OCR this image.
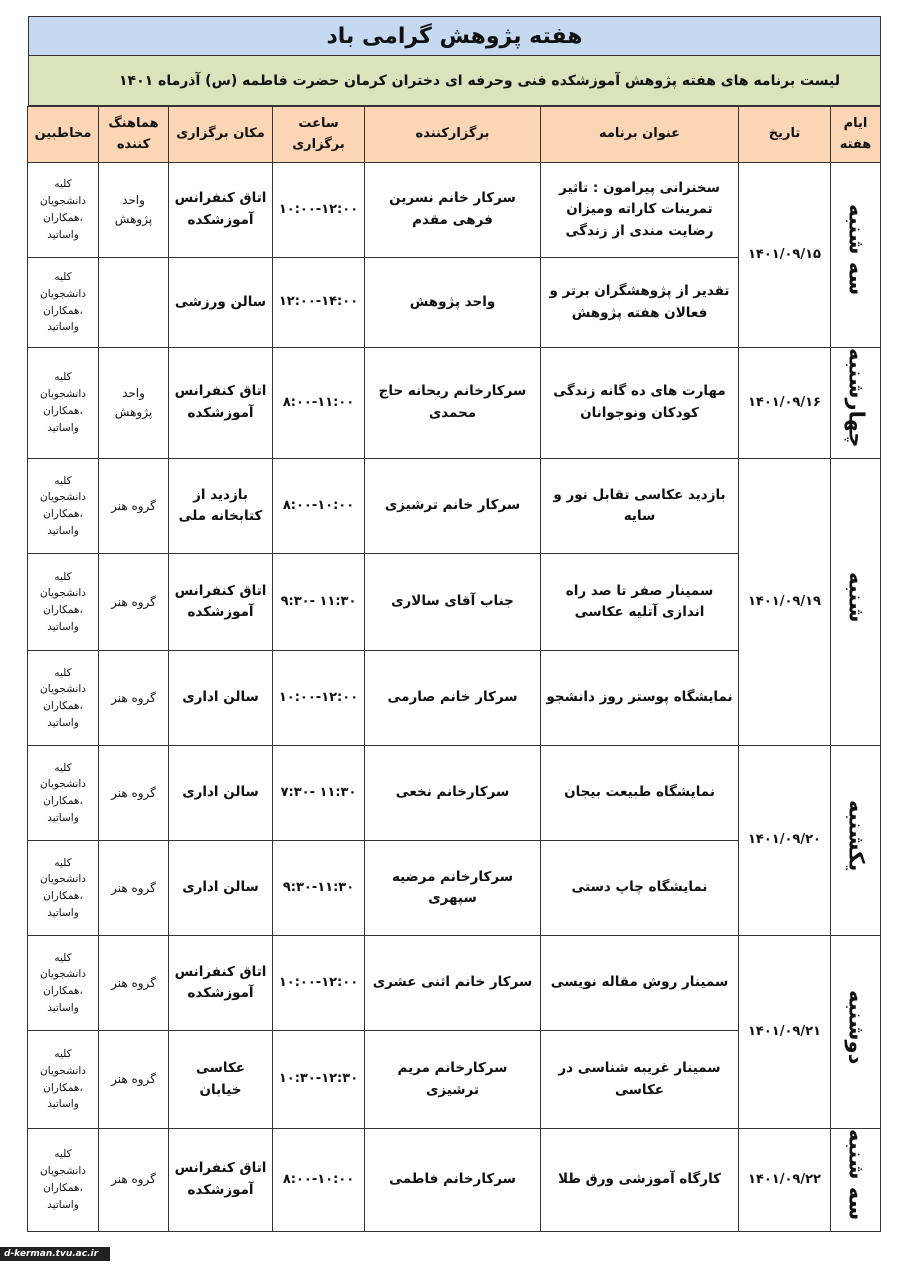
هفته پژوهش گرامی باد
لیست برنامه های هفته پژوهش آموزشکده فنی وحرفه ای دختران کرمان حضرت فاطمه (س) آذرماه ۱۴۰۱
ایام هفته	تاریخ	عنوان برنامه	برگزارکننده	ساعت برگزاری	مکان برگزاری	هماهنگ کننده	مخاطبین
سه شنبه	۱۴۰۱/۰۹/۱۵	سخنرانی پیرامون : تاثیر تمرینات کاراته ومیزان رضایت مندی از زندگی	سرکار خانم نسرین فرهی مقدم	۱۰:۰۰-۱۲:۰۰	اتاق کنفرانس آموزشکده	واحد پژوهش	کلیه دانشجویان ،همکاران واساتید
		تقدیر از پژوهشگران برتر و فعالان هفته پژوهش	واحد پژوهش	۱۲:۰۰-۱۴:۰۰	سالن ورزشی		کلیه دانشجویان ،همکاران واساتید
چهارشنبه	۱۴۰۱/۰۹/۱۶	مهارت های ده گانه زندگی کودکان ونوجوانان	سرکارخانم ریحانه حاج محمدی	۸:۰۰-۱۱:۰۰	اتاق کنفرانس آموزشکده	واحد پژوهش	کلیه دانشجویان ،همکاران واساتید
شنبه	۱۴۰۱/۰۹/۱۹	بازدید عکاسی تقابل نور و سایه	سرکار خانم ترشیزی	۸:۰۰-۱۰:۰۰	بازدید از کتابخانه ملی	گروه هنر	کلیه دانشجویان ،همکاران واساتید
		سمینار صفر تا صد راه اندازی آتلیه عکاسی	جناب آقای سالاری	۹:۳۰- ۱۱:۳۰	اتاق کنفرانس آموزشکده	گروه هنر	کلیه دانشجویان ،همکاران واساتید
		نمایشگاه پوستر روز دانشجو	سرکار خانم صارمی	۱۰:۰۰-۱۲:۰۰	سالن اداری	گروه هنر	کلیه دانشجویان ،همکاران واساتید
یکشنبه	۱۴۰۱/۰۹/۲۰	نمایشگاه طبیعت بیجان	سرکارخانم نخعی	۷:۳۰- ۱۱:۳۰	سالن اداری	گروه هنر	کلیه دانشجویان ،همکاران واساتید
		نمایشگاه چاپ دستی	سرکارخانم مرضیه سپهری	۹:۳۰-۱۱:۳۰	سالن اداری	گروه هنر	کلیه دانشجویان ،همکاران واساتید
دوشنبه	۱۴۰۱/۰۹/۲۱	سمینار روش مقاله نویسی	سرکار خانم اثنی عشری	۱۰:۰۰-۱۲:۰۰	اتاق کنفرانس آموزشکده	گروه هنر	کلیه دانشجویان ،همکاران واساتید
		سمینار غریبه شناسی در عکاسی	سرکارخانم مریم ترشیزی	۱۰:۳۰-۱۲:۳۰	عکاسی خیابان	گروه هنر	کلیه دانشجویان ،همکاران واساتید
سه شنبه	۱۴۰۱/۰۹/۲۲	کارگاه آموزشی ورق طلا	سرکارخانم فاطمی	۸:۰۰-۱۰:۰۰	اتاق کنفرانس آموزشکده	گروه هنر	کلیه دانشجویان ،همکاران واساتید
d-kerman.tvu.ac.ir
